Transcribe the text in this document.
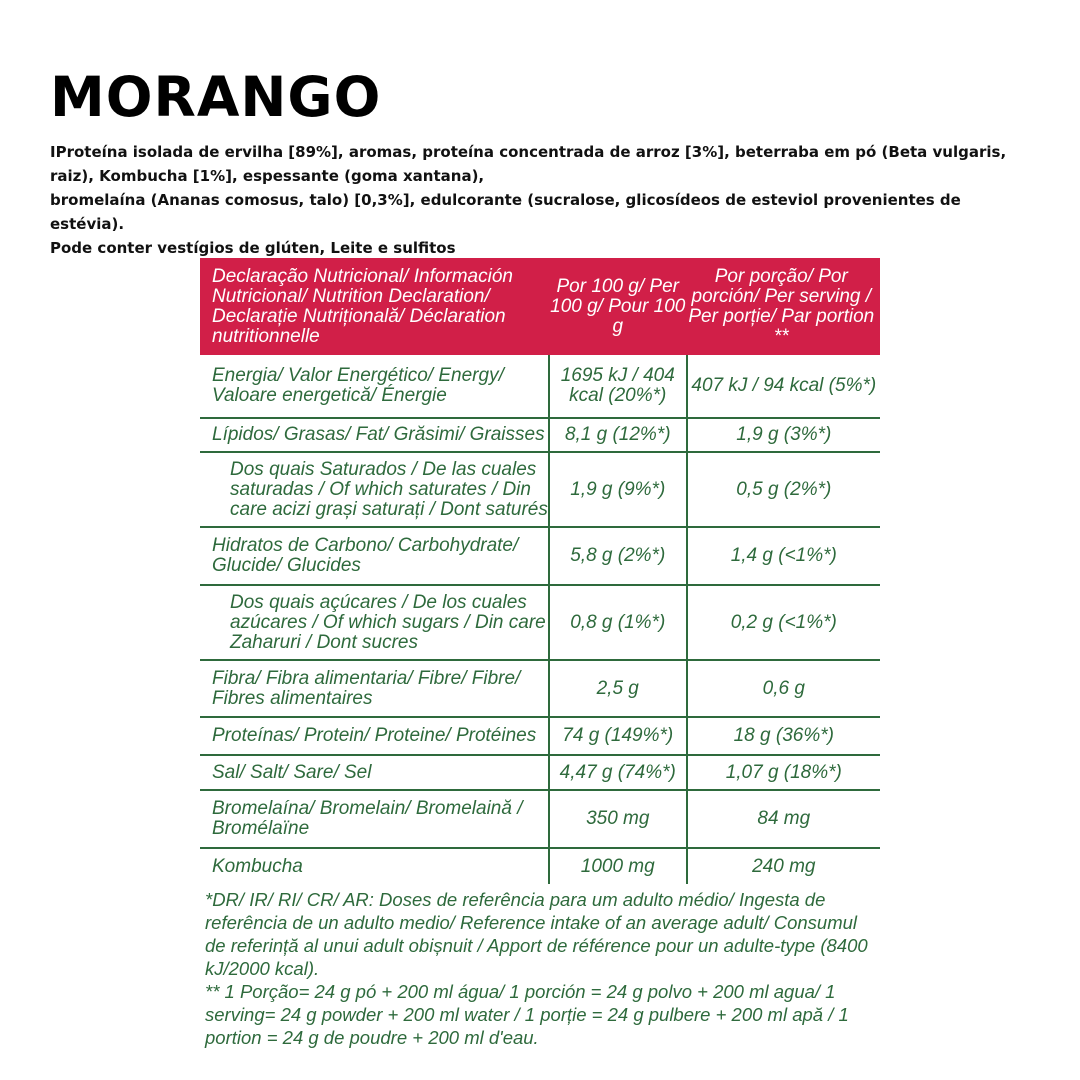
MORANGO

IProteína isolada de ervilha [89%], aromas, proteína concentrada de arroz [3%], beterraba em pó (Beta vulgaris, raiz), Kombucha [1%], espessante (goma xantana),

bromelaína (Ananas comosus, talo) [0,3%], edulcorante (sucralose, glicosídeos de esteviol provenientes de estévia).

Pode conter vestígios de glúten, Leite e sulfitos

Declaração Nutricional/ Información Nutricional/ Nutrition Declaration/ Declarație Nutrițională/ Déclaration nutritionnelle	Por 100 g/ Per 100 g/ Pour 100 g	Por porção/ Por porción/ Per serving / Per porție/ Par portion **
Energia/ Valor Energético/ Energy/ Valoare energetică/ Énergie	1695 kJ / 404 kcal (20%*)	407 kJ / 94 kcal (5%*)
Lípidos/ Grasas/ Fat/ Grăsimi/ Graisses	8,1 g (12%*)	1,9 g (3%*)
Dos quais Saturados / De las cuales saturadas / Of which saturates / Din care acizi grași saturați / Dont saturés	1,9 g (9%*)	0,5 g (2%*)
Hidratos de Carbono/ Carbohydrate/ Glucide/ Glucides	5,8 g (2%*)	1,4 g (<1%*)
Dos quais açúcares / De los cuales azúcares / Of which sugars / Din care Zaharuri / Dont sucres	0,8 g (1%*)	0,2 g (<1%*)
Fibra/ Fibra alimentaria/ Fibre/ Fibre/ Fibres alimentaires	2,5 g	0,6 g
Proteínas/ Protein/ Proteine/ Protéines	74 g (149%*)	18 g (36%*)
Sal/ Salt/ Sare/ Sel	4,47 g (74%*)	1,07 g (18%*)
Bromelaína/ Bromelain/ Bromelaină / Bromélaïne	350 mg	84 mg
Kombucha	1000 mg	240 mg

*DR/ IR/ RI/ CR/ AR: Doses de referência para um adulto médio/ Ingesta de referência de un adulto medio/ Reference intake of an average adult/ Consumul de referință al unui adult obișnuit / Apport de référence pour un adulte-type (8400 kJ/2000 kcal).

** 1 Porção= 24 g pó + 200 ml água/ 1 porción = 24 g polvo + 200 ml agua/ 1 serving= 24 g powder + 200 ml water / 1 porție = 24 g pulbere + 200 ml apă / 1 portion = 24 g de poudre + 200 ml d'eau.
